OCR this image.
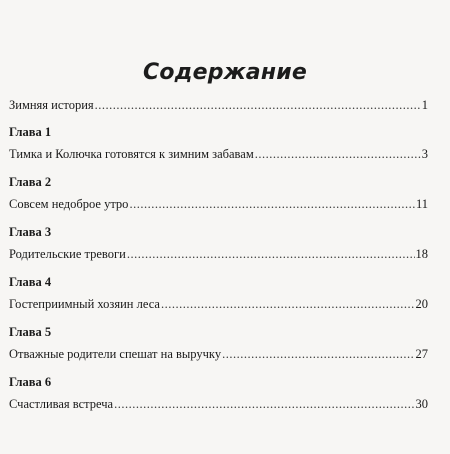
Содержание
Зимняя история .....	1
Глава 1
Тимка и Колючка готовятся к зимним забавам .....	3
Глава 2
Совсем недоброе утро .....	11
Глава 3
Родительские тревоги .....	18
Глава 4
Гостеприимный хозяин леса .....	20
Глава 5
Отважные родители спешат на выручку .....	27
Глава 6
Счастливая встреча .....	30
